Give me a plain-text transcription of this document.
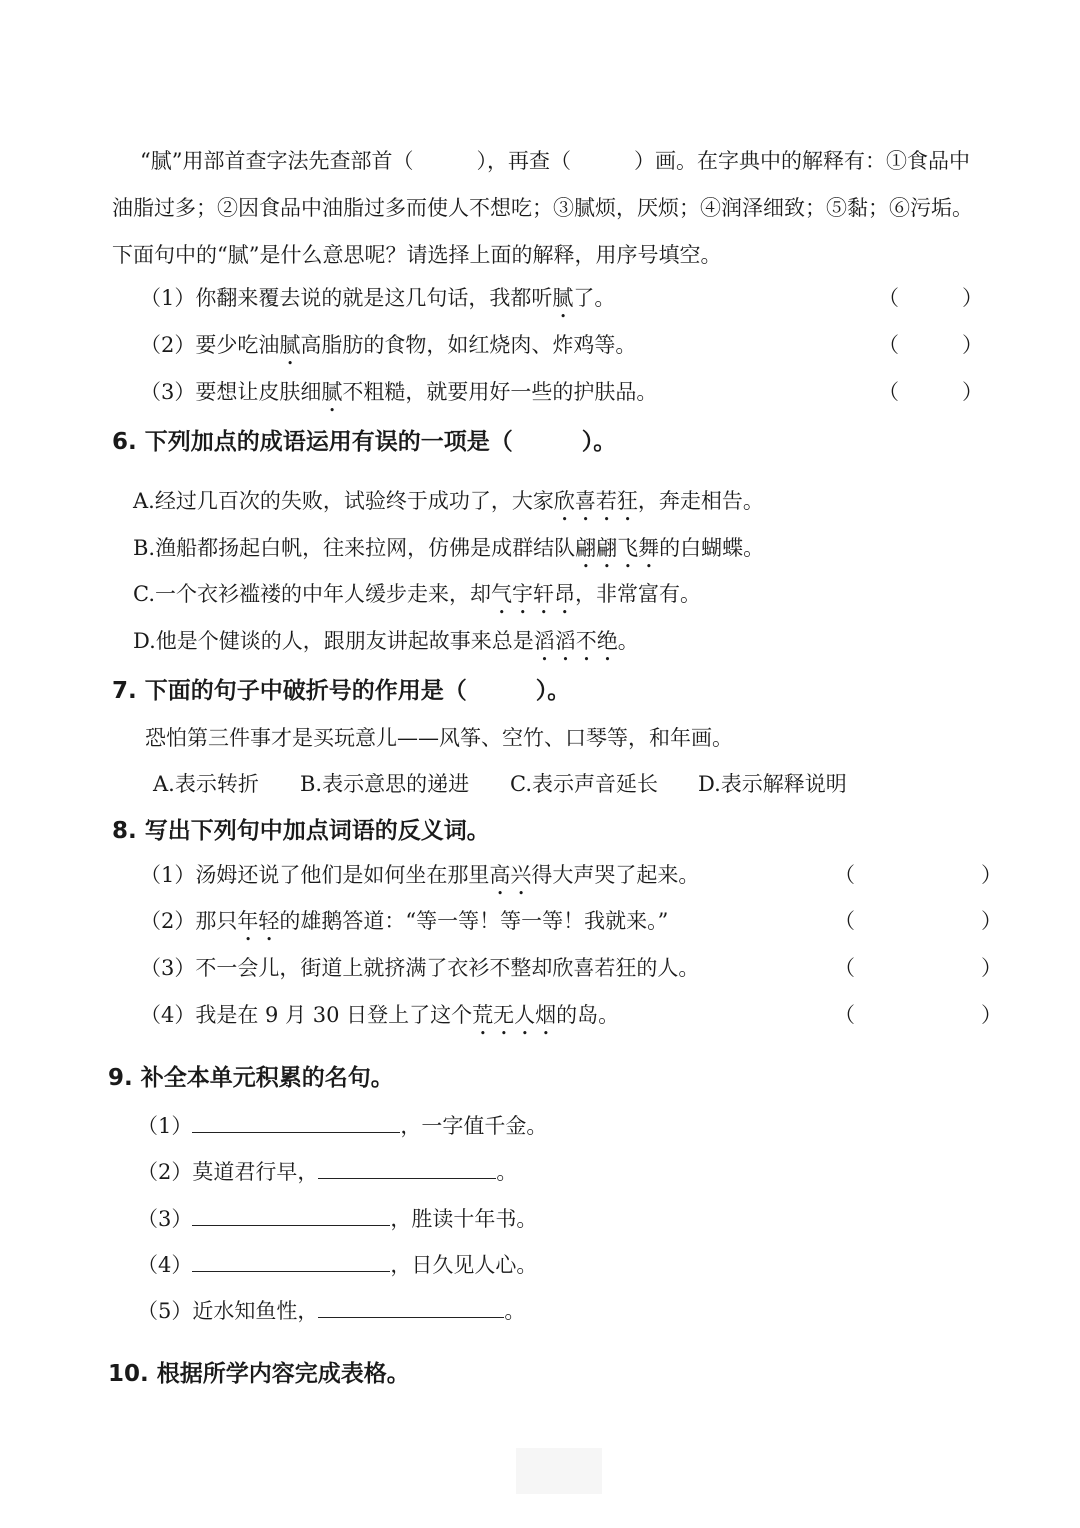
“腻”用部首查字法先查部首（　　　），再查（　　　）画。在字典中的解释有：①食品中
油脂过多；②因食品中油脂过多而使人不想吃；③腻烦，厌烦；④润泽细致；⑤黏；⑥污垢。
下面句中的“腻”是什么意思呢？请选择上面的解释，用序号填空。
（1）你翻来覆去说的就是这几句话，我都听腻了。	（　　　）
（2）要少吃油腻高脂肪的食物，如红烧肉、炸鸡等。	（　　　）
（3）要想让皮肤细腻不粗糙，就要用好一些的护肤品。	（　　　）
6. 下列加点的成语运用有误的一项是（　　　）。
A.经过几百次的失败，试验终于成功了，大家欣喜若狂，奔走相告。
B.渔船都扬起白帆，往来拉网，仿佛是成群结队翩翩飞舞的白蝴蝶。
C.一个衣衫褴褛的中年人缓步走来，却气宇轩昂，非常富有。
D.他是个健谈的人，跟朋友讲起故事来总是滔滔不绝。
7. 下面的句子中破折号的作用是（　　　）。
恐怕第三件事才是买玩意儿——风筝、空竹、口琴等，和年画。
A.表示转折 B.表示意思的递进 C.表示声音延长 D.表示解释说明
8. 写出下列句中加点词语的反义词。
（1）汤姆还说了他们是如何坐在那里高兴得大声哭了起来。	（　　　　　　）
（2）那只年轻的雄鹅答道：“等一等！等一等！我就来。”	（　　　　　　）
（3）不一会儿，街道上就挤满了衣衫不整却欣喜若狂的人。	（　　　　　　）
（4）我是在 9 月 30 日登上了这个荒无人烟的岛。	（　　　　　　）
9. 补全本单元积累的名句。
（1）	，一字值千金。
（2）莫道君行早，	。
（3）	，胜读十年书。
（4）	，日久见人心。
（5）近水知鱼性，	。
10. 根据所学内容完成表格。
